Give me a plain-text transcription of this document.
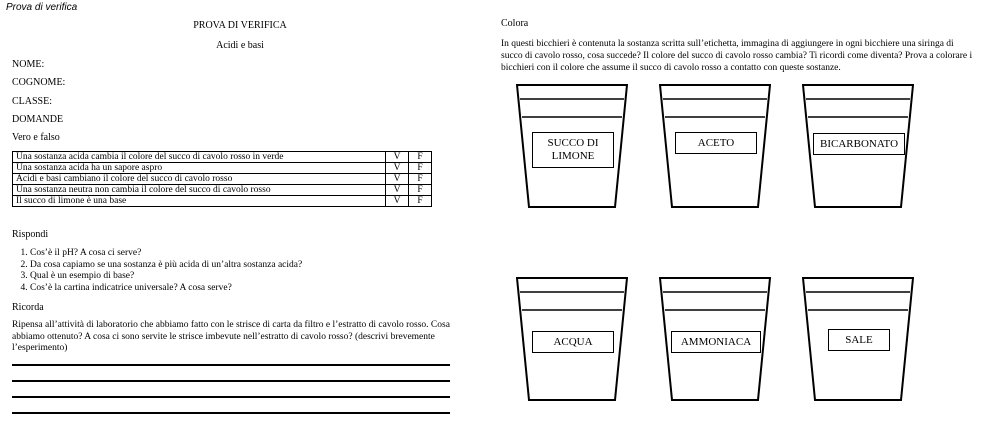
Prova di verifica
PROVA DI VERIFICA
Acidi e basi
NOME:
COGNOME:
CLASSE:
DOMANDE
Vero e falso
Una sostanza acida cambia il colore del succo di cavolo rosso in verde	V	F
Una sostanza acida ha un sapore aspro	V	F
Acidi e basi cambiano il colore del succo di cavolo rosso	V	F
Una sostanza neutra non cambia il colore del succo di cavolo rosso	V	F
Il succo di limone è una base	V	F
Rispondi
1. Cos’è il pH? A cosa ci serve?
2. Da cosa capiamo se una sostanza è più acida di un’altra sostanza acida?
3. Qual è un esempio di base?
4. Cos’è la cartina indicatrice universale? A cosa serve?
Ricorda
Ripensa all’attività di laboratorio che abbiamo fatto con le strisce di carta da filtro e l’estratto di cavolo rosso. Cosa abbiamo ottenuto? A cosa ci sono servite le strisce imbevute nell’estratto di cavolo rosso? (descrivi brevemente l’esperimento)
Colora
In questi bicchieri è contenuta la sostanza scritta sull’etichetta, immagina di aggiungere in ogni bicchiere una siringa di succo di cavolo rosso, cosa succede? Il colore del succo di cavolo rosso cambia? Ti ricordi come diventa? Prova a colorare i bicchieri con il colore che assume il succo di cavolo rosso a contatto con queste sostanze.
SUCCO DI LIMONE
ACETO	BICARBONATO
ACQUA	AMMONIACA	SALE
